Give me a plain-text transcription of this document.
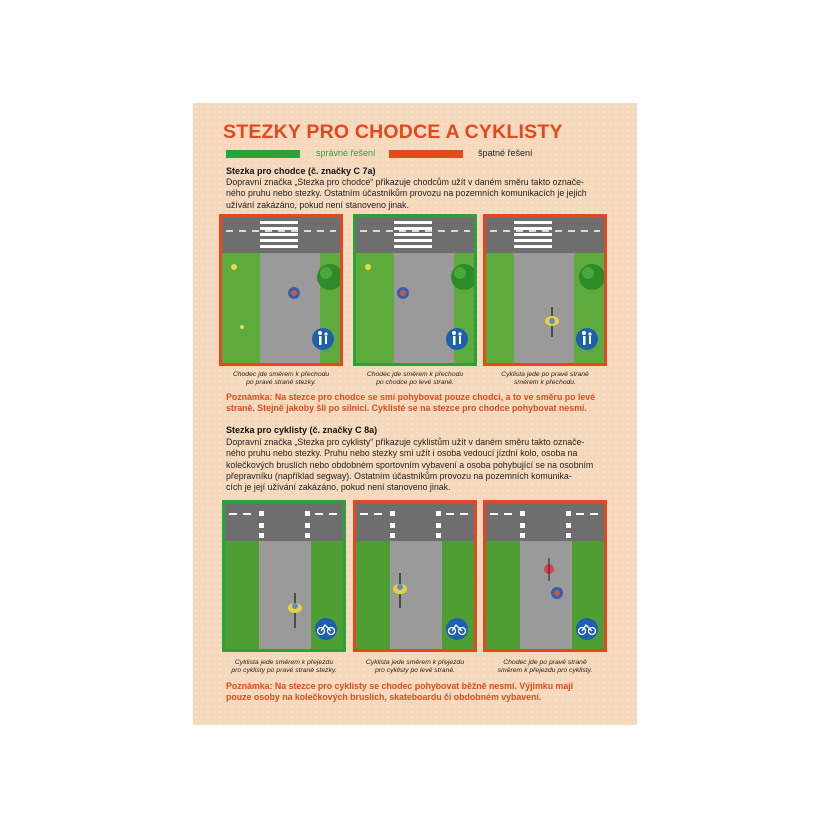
STEZKY PRO CHODCE A CYKLISTY
správné řešení	špatné řešení
Stezka pro chodce (č. značky C 7a)
Dopravní značka „Stezka pro chodce“ přikazuje chodcům užít v daném směru takto označe-
ného pruhu nebo stezky. Ostatním účastníkům provozu na pozemních komunikacích je jejich
užívání zakázáno, pokud není stanoveno jinak.
Chodec jde směrem k přechodu
po pravé straně stezky.
Chodec jde směrem k přechodu
po chodce po levé straně.
Cyklista jede po pravé straně
směrem k přechodu.
Poznámka: Na stezce pro chodce se smí pohybovat pouze chodci, a to ve směru po levé
straně. Stejně jakoby šli po silnici. Cyklisté se na stezce pro chodce pohybovat nesmí.
Stezka pro cyklisty (č. značky C 8a)
Dopravní značka „Stezka pro cyklisty“ přikazuje cyklistům užít v daném směru takto označe-
ného pruhu nebo stezky. Pruhu nebo stezky smí užít i osoba vedoucí jízdní kolo, osoba na
kolečkových bruslích nebo obdobném sportovním vybavení a osoba pohybující se na osobním
přepravníku (například segway). Ostatním účastníkům provozu na pozemních komunika-
cích je její užívání zakázáno, pokud není stanoveno jinak.
Cyklista jede směrem k přejezdu
pro cyklisty po pravé straně stezky.
Cyklista jede směrem k přejezdu
pro cyklisty po levé straně.
Chodec jde po pravé straně
směrem k přejezdu pro cyklisty.
Poznámka: Na stezce pro cyklisty se chodec pohybovat běžně nesmí. Výjimku mají
pouze osoby na kolečkových bruslích, skateboardu či obdobném vybavení.
